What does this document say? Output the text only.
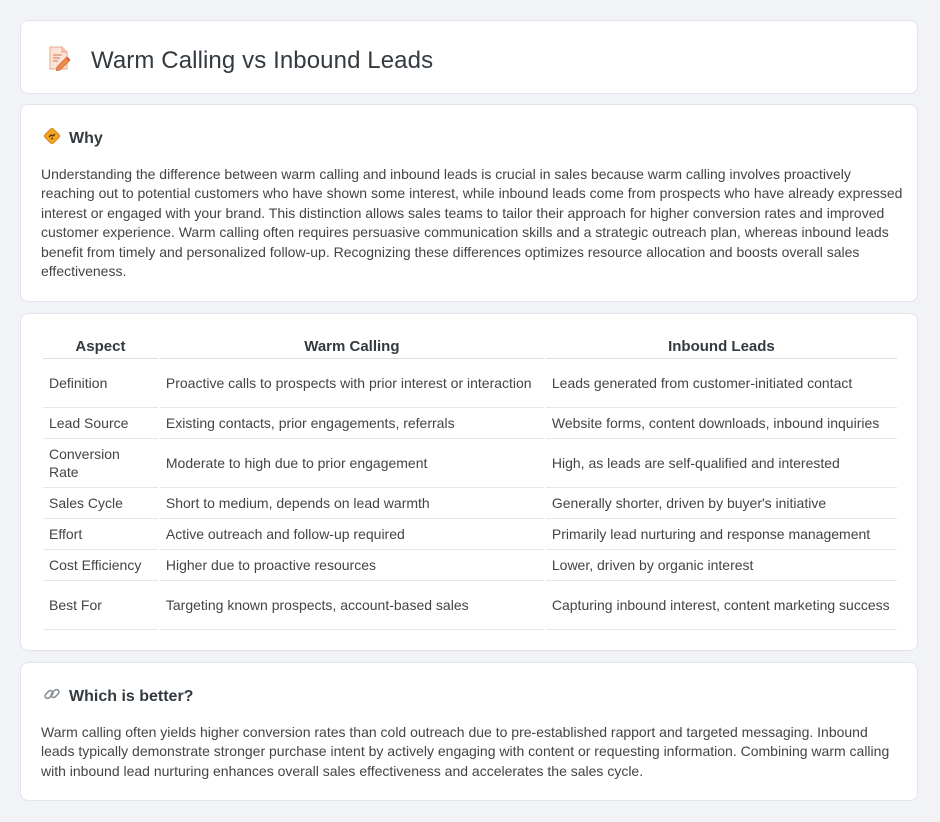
Warm Calling vs Inbound Leads
Why

Understanding the difference between warm calling and inbound leads is crucial in sales because warm calling involves proactively reaching out to potential customers who have shown some interest, while inbound leads come from prospects who have already expressed interest or engaged with your brand. This distinction allows sales teams to tailor their approach for higher conversion rates and improved customer experience. Warm calling often requires persuasive communication skills and a strategic outreach plan, whereas inbound leads benefit from timely and personalized follow-up. Recognizing these differences optimizes resource allocation and boosts overall sales effectiveness.

Aspect	Warm Calling	Inbound Leads
Definition	Proactive calls to prospects with prior interest or interaction	Leads generated from customer-initiated contact
Lead Source	Existing contacts, prior engagements, referrals	Website forms, content downloads, inbound inquiries
Conversion Rate	Moderate to high due to prior engagement	High, as leads are self-qualified and interested
Sales Cycle	Short to medium, depends on lead warmth	Generally shorter, driven by buyer's initiative
Effort	Active outreach and follow-up required	Primarily lead nurturing and response management
Cost Efficiency	Higher due to proactive resources	Lower, driven by organic interest
Best For	Targeting known prospects, account-based sales	Capturing inbound interest, content marketing success
Which is better?

Warm calling often yields higher conversion rates than cold outreach due to pre-established rapport and targeted messaging. Inbound leads typically demonstrate stronger purchase intent by actively engaging with content or requesting information. Combining warm calling with inbound lead nurturing enhances overall sales effectiveness and accelerates the sales cycle.
